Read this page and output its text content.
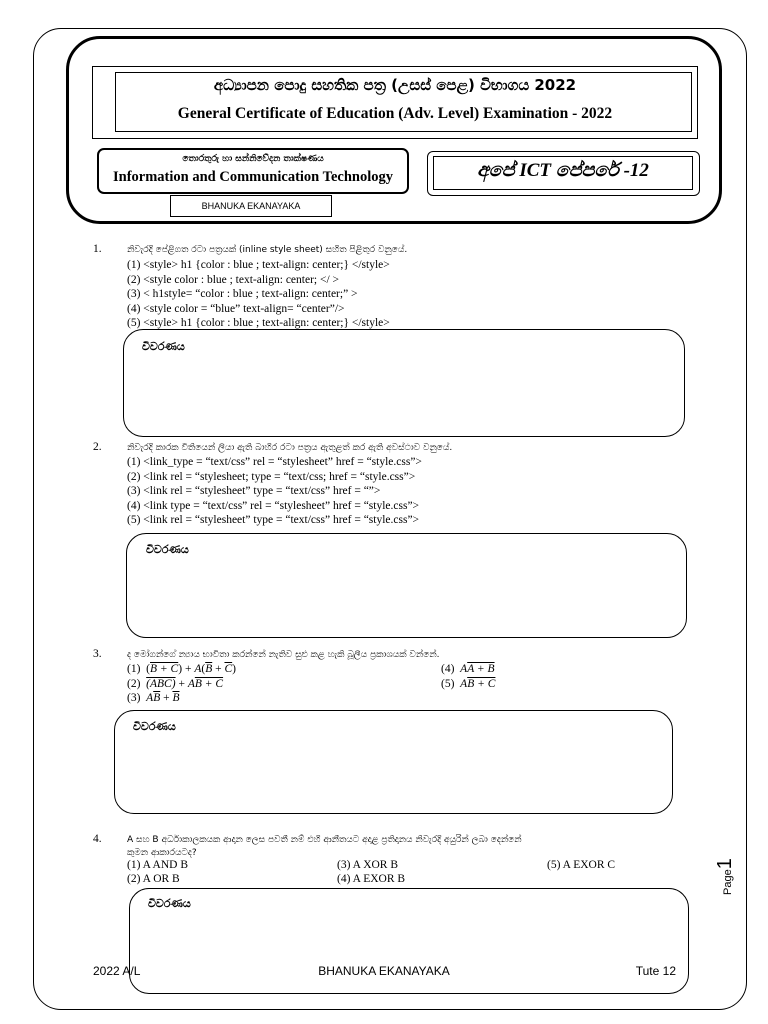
අධ්‍යාපන පොදු සහතික පත්‍ර (උසස් පෙළ) විභාගය 2022
General Certificate of Education (Adv. Level) Examination - 2022
තොරතුරු හා සන්නිවේදන තාක්ෂණය
Information and Communication Technology	අපේ ICT පේපරේ -12
BHANUKA EKANAYAKA
1.	නිවැරදි පේළිගත රටා පත්‍රයක් (inline style sheet) සහිත පිළිතුර වනුයේ.
(1) <style> h1 {color : blue ; text-align: center;} </style>
(2) <style color : blue ; text-align: center; </ >
(3) < h1style= “color : blue ; text-align: center;” >
(4) <style color = “blue” text-align= “center”/>
(5) <style> h1 {color : blue ; text-align: center;} </style>
විවරණය
2.	නිවැරදි කාරක විතියෙන් ලියා ඇති බාහිර රටා පත්‍රය ඇතුළත් කර ඇති අවස්ථාව වනුයේ.
(1) <link_type = “text/css” rel = “stylesheet” href = “style.css”>
(2) <link rel = “stylesheet; type = “text/css; href = “style.css”>
(3) <link rel = “stylesheet” type = “text/css” href = “”>
(4) <link type = “text/css” rel = “stylesheet” href = “style.css”>
(5) <link rel = “stylesheet” type = “text/css” href = “style.css”>
විවරණය
3.	ද මෝගන්ගේ න්‍යාය භාවිතා කරන්නේ නැතිව සුළු කළ හැකි බූලීය ප්‍රකාශයක් වන්නේ.
(1)  $(B + C) + A(\overline{B} + \overline{C})$
(2) (ABC) + AB + C
(3) $A\overline{B} + \overline{B}$
(4) AA + B
(5) AB + C
විවරණය
4.	A සහ B අර්ධාකාලකයක ආදාන ලෙස පවතී නම් එහි ආනීතයට අදාළ ප්‍රතිදානය නිවැරදි අයුරින් ලබා දෙන්නේ
කුමන ආකාරයටද?
(1) A AND B
(2) A OR B
(3) A XOR B
(4) A EXOR B
(5) A EXOR C
විවරණය
2022 A/L	BHANUKA EKANAYAKA	Tute 12
Page1
